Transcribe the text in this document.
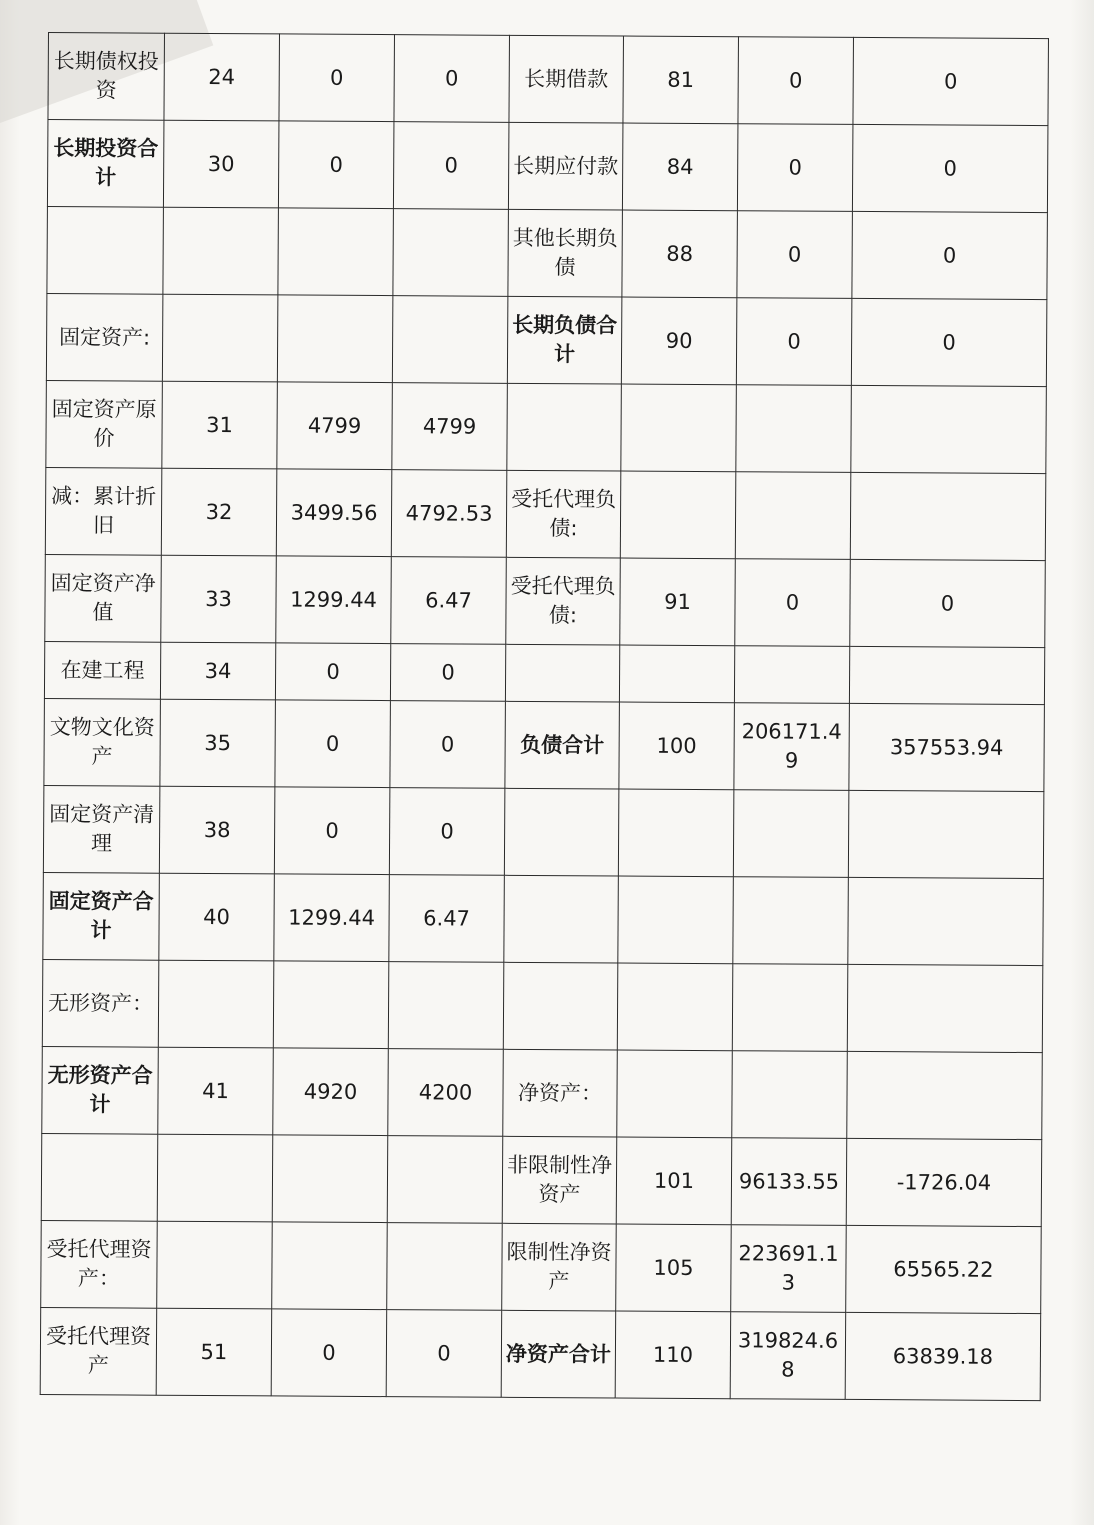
长期债权投资	24	0	0	长期借款	81	0	0
长期投资合计	30	0	0	长期应付款	84	0	0
				其他长期负债	88	0	0
固定资产:				长期负债合计	90	0	0
固定资产原价	31	4799	4799				
减：累计折旧	32	3499.56	4792.53	受托代理负债:			
固定资产净值	33	1299.44	6.47	受托代理负债:	91	0	0
在建工程	34	0	0				
文物文化资产	35	0	0	负债合计	100	206171.49	357553.94
固定资产清理	38	0	0				
固定资产合计	40	1299.44	6.47				
无形资产：							
无形资产合计	41	4920	4200	净资产：			
				非限制性净资产	101	96133.55	-1726.04
受托代理资产：				限制性净资产	105	223691.13	65565.22
受托代理资产	51	0	0	净资产合计	110	319824.68	63839.18
